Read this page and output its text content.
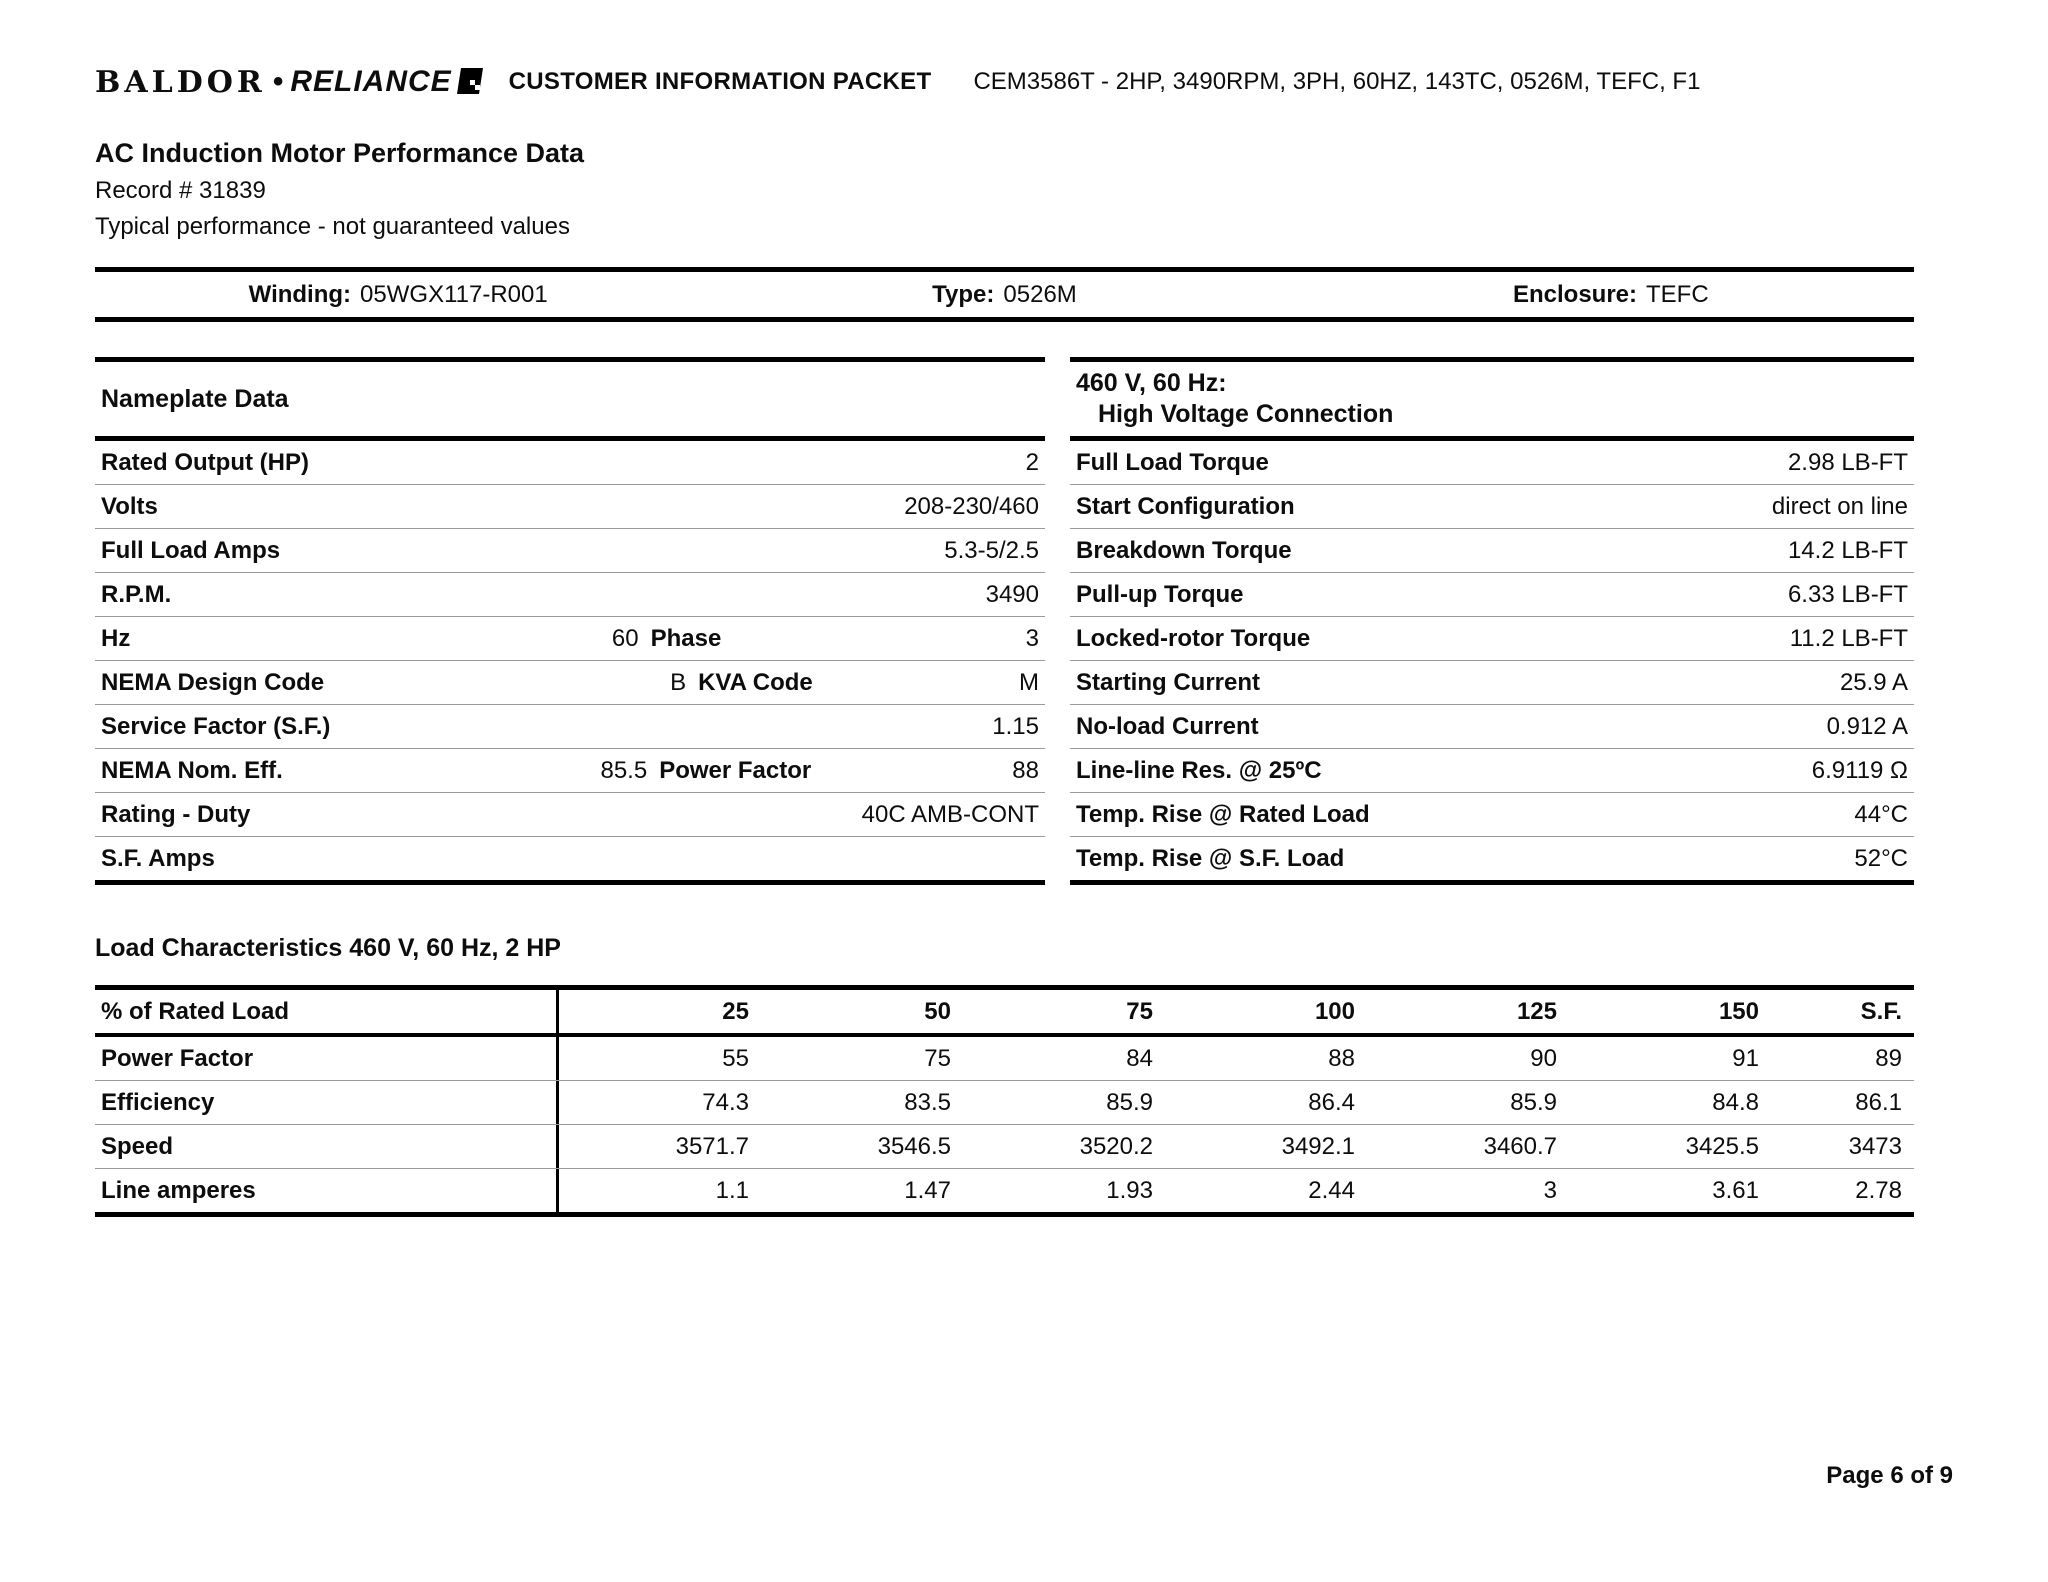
BALDOR • RELIANCE CUSTOMER INFORMATION PACKET CEM3586T - 2HP, 3490RPM, 3PH, 60HZ, 143TC, 0526M, TEFC, F1

AC Induction Motor Performance Data

Record # 31839

Typical performance - not guaranteed values

Winding: 05WGX117-R001	Type: 0526M	Enclosure: TEFC
Nameplate Data
Rated Output (HP)	2
Volts	208-230/460
Full Load Amps	5.3-5/2.5
R.P.M.	3490
Hz	60 Phase	3
NEMA Design Code	B KVA Code	M
Service Factor (S.F.)	1.15
NEMA Nom. Eff.	85.5 Power Factor	88
Rating - Duty	40C AMB-CONT
S.F. Amps
460 V, 60 Hz:
High Voltage Connection
Full Load Torque	2.98 LB-FT
Start Configuration	direct on line
Breakdown Torque	14.2 LB-FT
Pull-up Torque	6.33 LB-FT
Locked-rotor Torque	11.2 LB-FT
Starting Current	25.9 A
No-load Current	0.912 A
Line-line Res. @ 25ºC	6.9119 Ω
Temp. Rise @ Rated Load	44°C
Temp. Rise @ S.F. Load	52°C
Load Characteristics 460 V, 60 Hz, 2 HP
% of Rated Load	25	50	75	100	125	150	S.F.
Power Factor	55	75	84	88	90	91	89
Efficiency	74.3	83.5	85.9	86.4	85.9	84.8	86.1
Speed	3571.7	3546.5	3520.2	3492.1	3460.7	3425.5	3473
Line amperes	1.1	1.47	1.93	2.44	3	3.61	2.78
Page 6 of 9
